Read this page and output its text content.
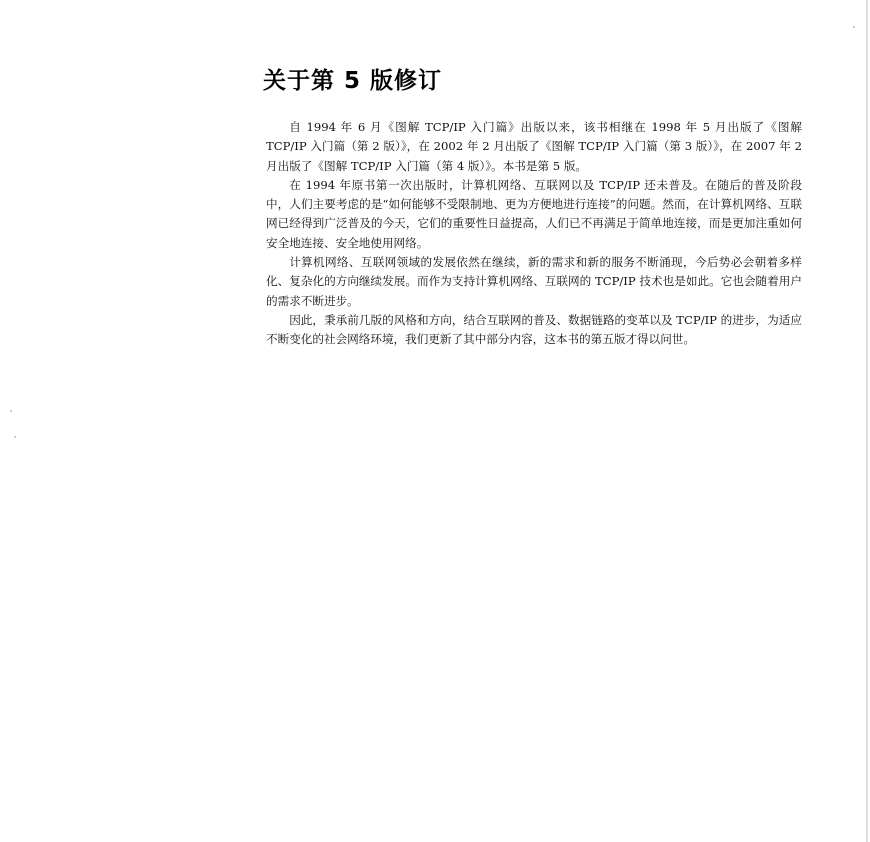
关于第 5 版修订

自 1994 年 6 月《图解 TCP/IP 入门篇》出版以来，该书相继在 1998 年 5 月出版了《图解 TCP/IP 入门篇（第 2 版）》，在 2002 年 2 月出版了《图解 TCP/IP 入门篇（第 3 版）》，在 2007 年 2 月出版了《图解 TCP/IP 入门篇（第 4 版）》。本书是第 5 版。

在 1994 年原书第一次出版时，计算机网络、互联网以及 TCP/IP 还未普及。在随后的普及阶段中，人们主要考虑的是“如何能够不受限制地、更为方便地进行连接”的问题。然而，在计算机网络、互联网已经得到广泛普及的今天，它们的重要性日益提高，人们已不再满足于简单地连接，而是更加注重如何安全地连接、安全地使用网络。

计算机网络、互联网领域的发展依然在继续，新的需求和新的服务不断涌现，今后势必会朝着多样化、复杂化的方向继续发展。而作为支持计算机网络、互联网的 TCP/IP 技术也是如此。它也会随着用户的需求不断进步。

因此，秉承前几版的风格和方向，结合互联网的普及、数据链路的变革以及 TCP/IP 的进步，为适应不断变化的社会网络环境，我们更新了其中部分内容，这本书的第五版才得以问世。
